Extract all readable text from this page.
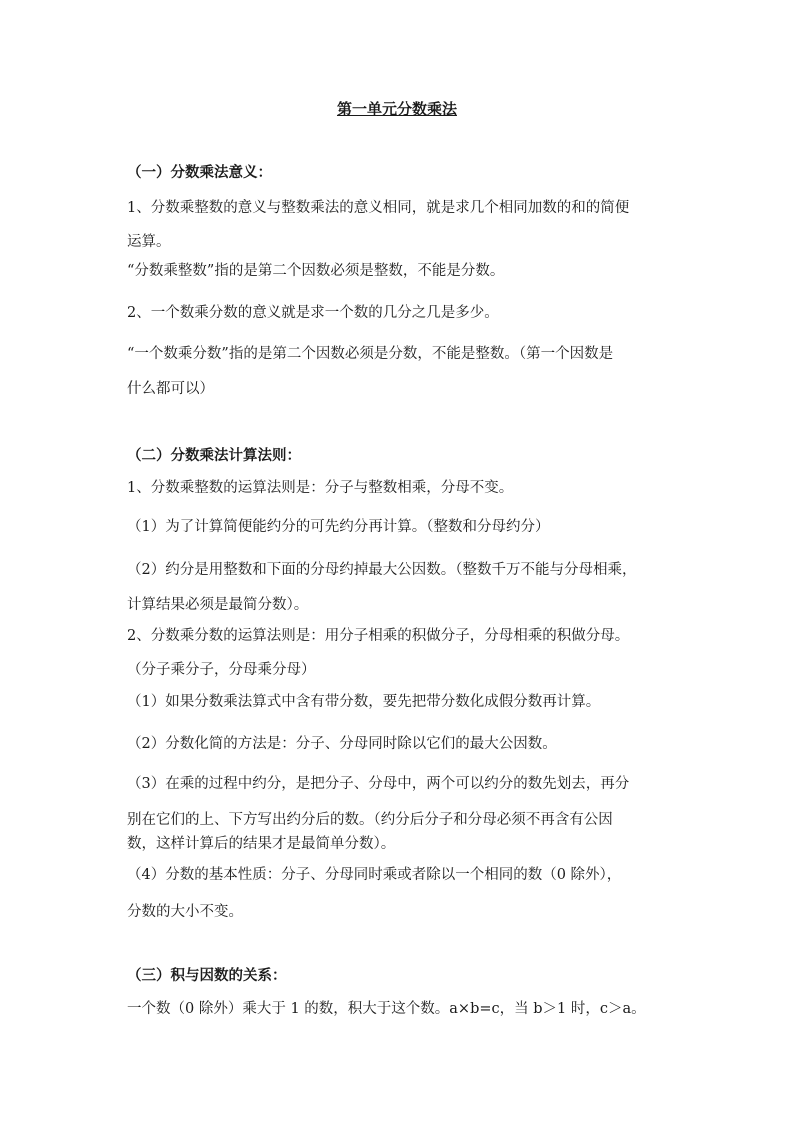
第一单元分数乘法
（一）分数乘法意义：
1、分数乘整数的意义与整数乘法的意义相同，就是求几个相同加数的和的简便
运算。
“分数乘整数”指的是第二个因数必须是整数，不能是分数。
2、一个数乘分数的意义就是求一个数的几分之几是多少。
“一个数乘分数”指的是第二个因数必须是分数，不能是整数。（第一个因数是
什么都可以）
（二）分数乘法计算法则：
1、分数乘整数的运算法则是：分子与整数相乘，分母不变。
（1）为了计算简便能约分的可先约分再计算。（整数和分母约分）
（2）约分是用整数和下面的分母约掉最大公因数。（整数千万不能与分母相乘，
计算结果必须是最简分数）。
2、分数乘分数的运算法则是：用分子相乘的积做分子，分母相乘的积做分母。
（分子乘分子，分母乘分母）
（1）如果分数乘法算式中含有带分数，要先把带分数化成假分数再计算。
（2）分数化简的方法是：分子、分母同时除以它们的最大公因数。
（3）在乘的过程中约分，是把分子、分母中，两个可以约分的数先划去，再分
别在它们的上、下方写出约分后的数。（约分后分子和分母必须不再含有公因
数，这样计算后的结果才是最简单分数）。
（4）分数的基本性质：分子、分母同时乘或者除以一个相同的数（0 除外），
分数的大小不变。
（三）积与因数的关系：
一个数（0 除外）乘大于 1 的数，积大于这个数。a×b=c，当 b＞1 时，c＞a。
